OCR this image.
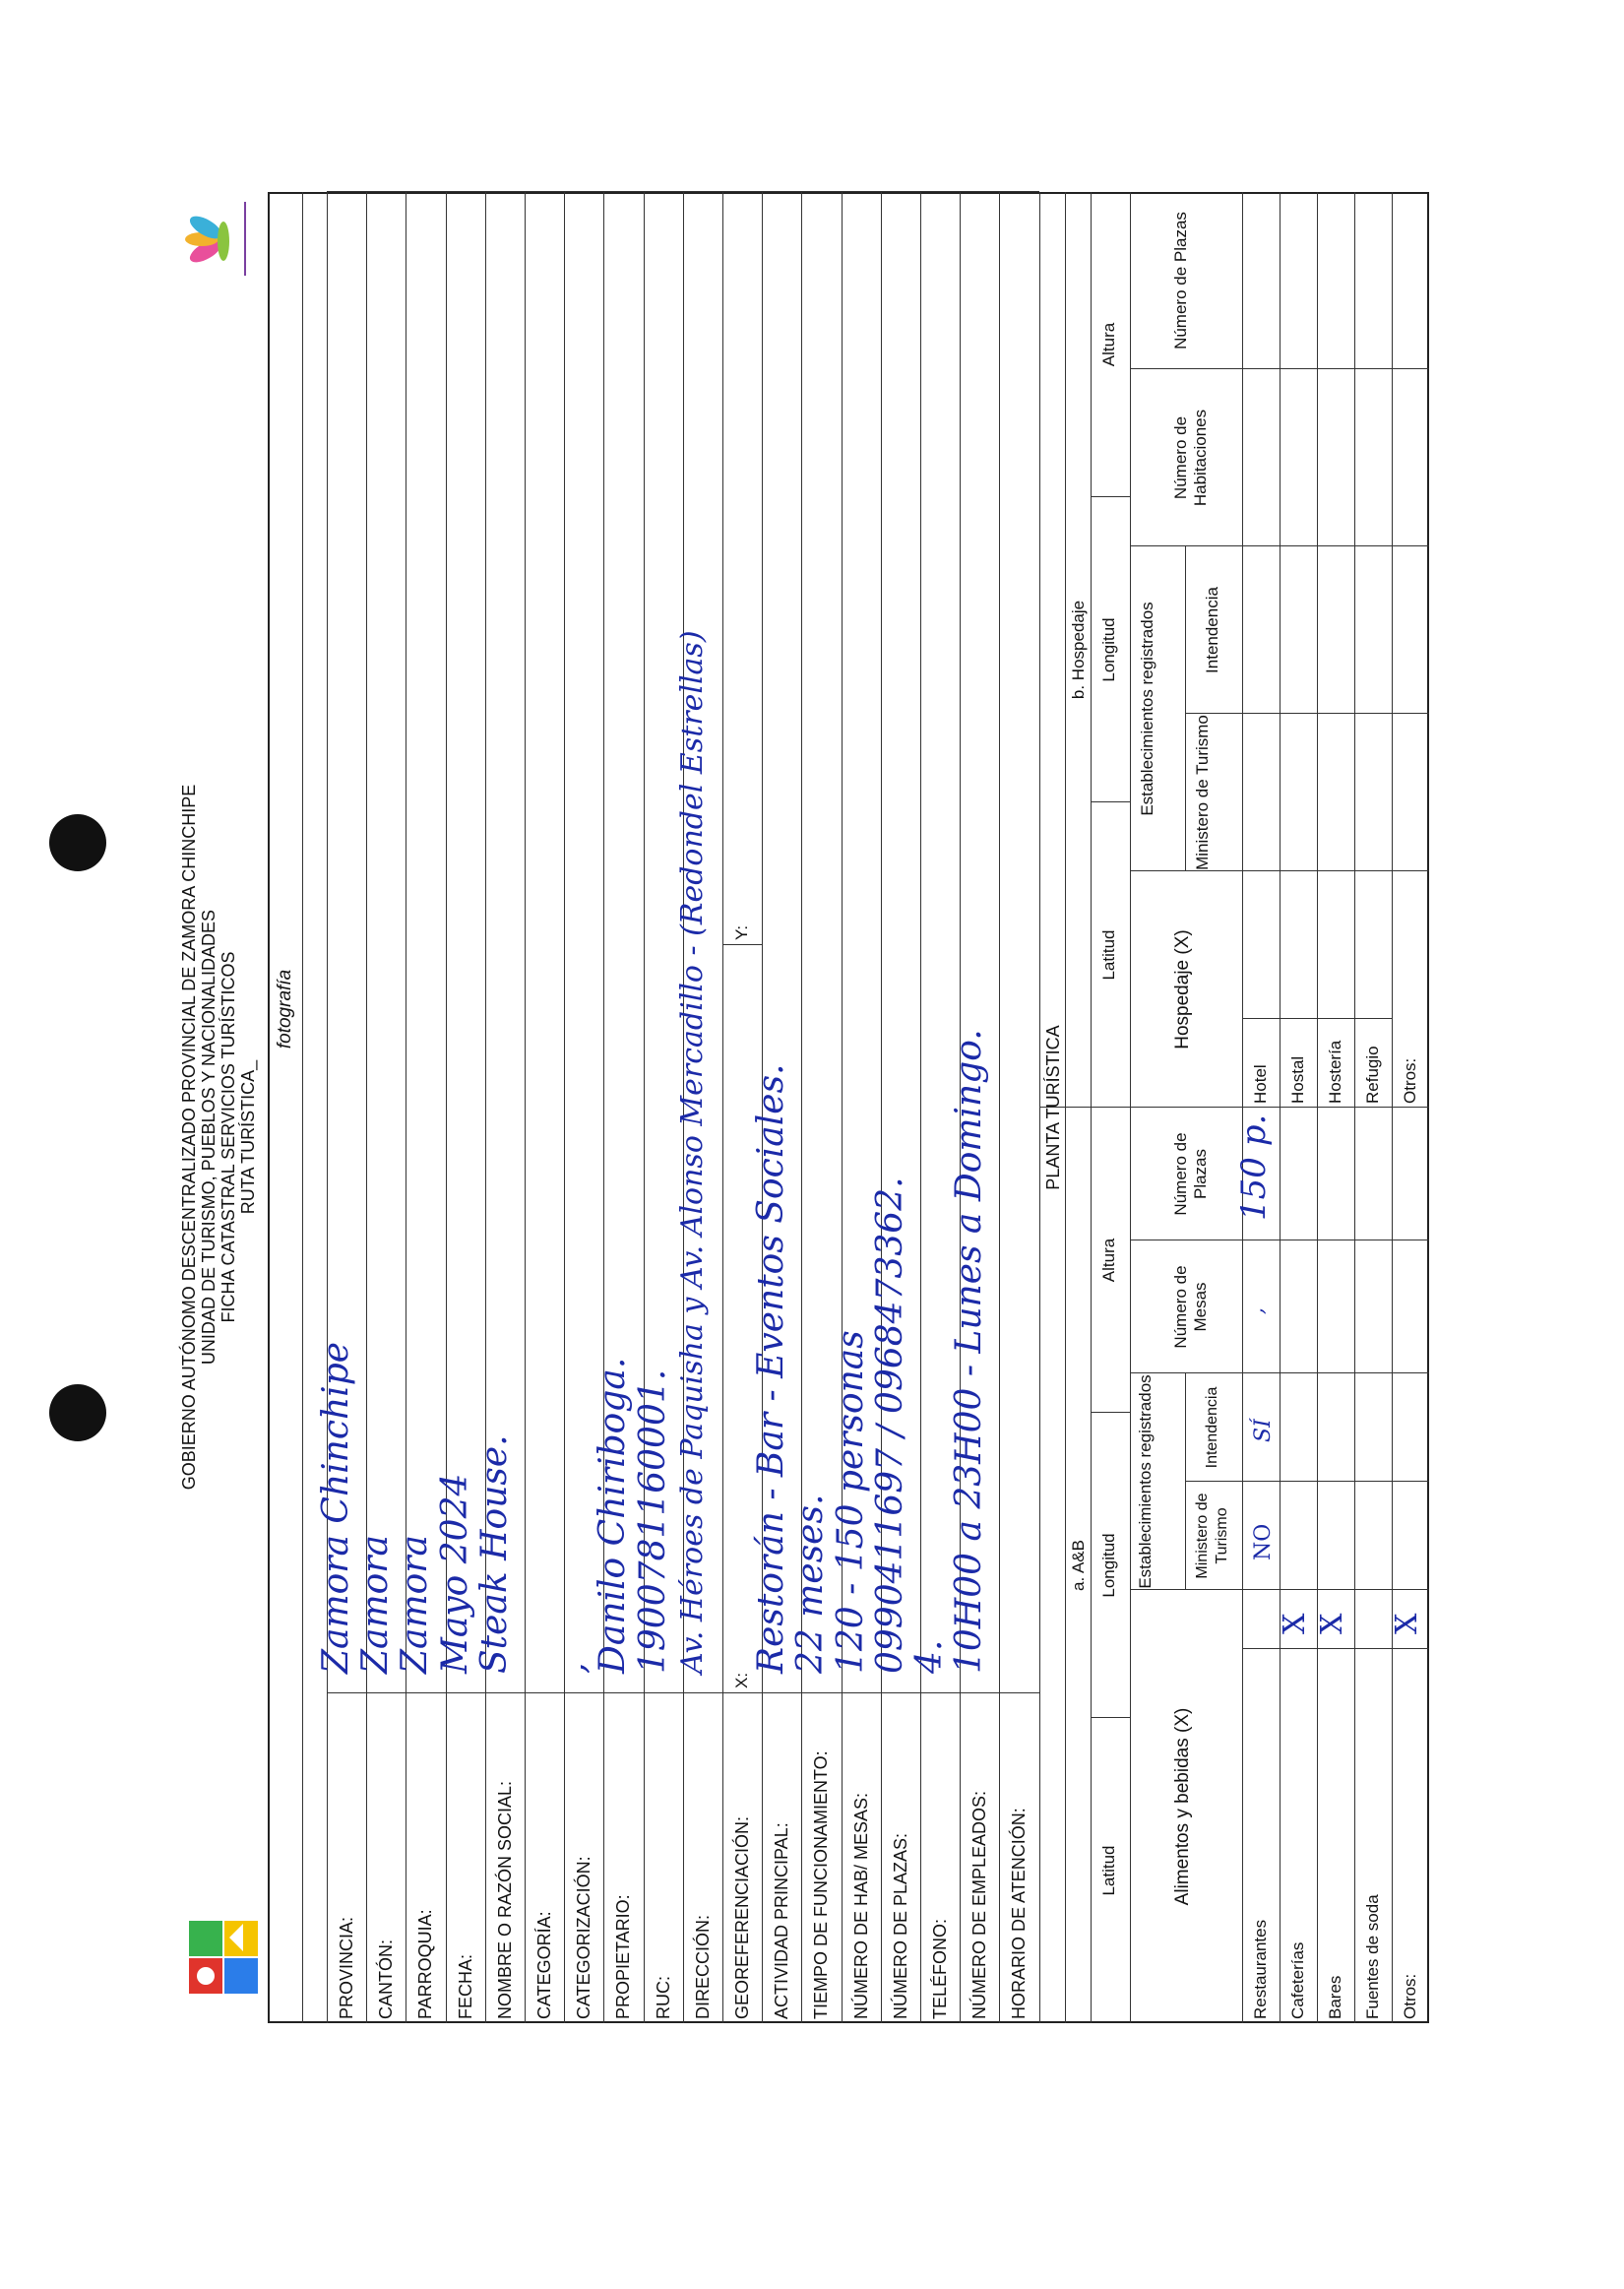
GOBIERNO AUTÓNOMO DESCENTRALIZADO PROVINCIAL DE ZAMORA CHINCHIPE UNIDAD DE TURISMO, PUEBLOS Y NACIONALIDADES FICHA CATASTRAL SERVICIOS TURÍSTICOS RUTA TURÍSTICA_
fotografía
PROVINCIA:
Zamora Chinchipe
CANTÓN:
Zamora
PARROQUIA:
Zamora
FECHA:
Mayo 2024
NOMBRE O RAZÓN SOCIAL:
Steak House.
CATEGORÍA: CATEGORIZACIÓN:
,
PROPIETARIO:
Danilo Chiriboga.
RUC:
1900781160001.
DIRECCIÓN:
Av. Héroes de Paquisha y Av. Alonso Mercadillo - (Redondel Estrellas)
GEOREFERENCIACIÓN:
X:
Y:
ACTIVIDAD PRINCIPAL:
Restorán - Bar - Eventos Sociales.
TIEMPO DE FUNCIONAMIENTO:
22 meses.
NÚMERO DE HAB/ MESAS:
120 - 150 personas
NÚMERO DE PLAZAS:
0990411697 / 0968473362.
TELÉFONO:
4.
NÚMERO DE EMPLEADOS:
10H00 a 23H00 - Lunes a Domingo.
HORARIO DE ATENCIÓN:
PLANTA TURÍSTICA
a. A&B
b. Hospedaje
Latitud
Longitud
Altura
Latitud
Longitud
Altura
Alimentos y bebidas (X)
Establecimientos registrados	Ministero de Turismo
Intendencia
Número de Mesas
Número de Plazas
Hospedaje (X)
Establecimientos registrados Ministero de Turismo
Intendencia
Número de Habitaciones
Número de Plazas
Restaurantes Cafeterías
X
Bares
X
Fuentes de soda Otros:
X
Hotel Hostal Hostería Refugio Otros:
NO
SÍ
,
150 p.
